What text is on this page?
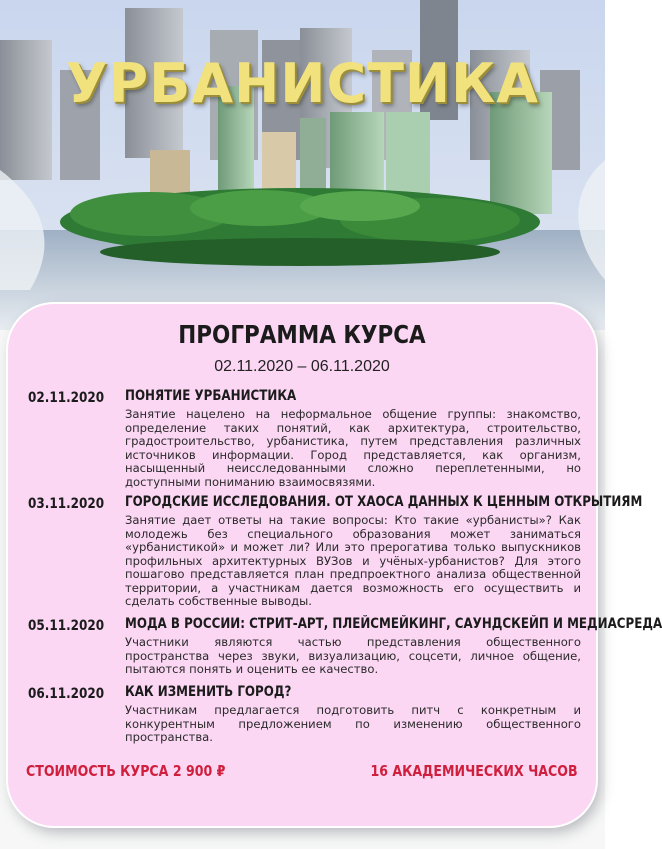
УРБАНИСТИКА
ПРОГРАММА КУРСА
02.11.2020 – 06.11.2020
02.11.2020 ПОНЯТИЕ УРБАНИСТИКА

Занятие нацелено на неформальное общение группы: знакомство, определение таких понятий, как архитектура, строительство, градостроительство, урбанистика, путем представления различных источников информации. Город представляется, как организм, насыщенный неисследованными сложно переплетенными, но доступными пониманию взаимосвязями.

03.11.2020 ГОРОДСКИЕ ИССЛЕДОВАНИЯ. ОТ ХАОСА ДАННЫХ К ЦЕННЫМ ОТКРЫТИЯМ

Занятие дает ответы на такие вопросы: Кто такие «урбанисты»? Как молодежь без специального образования может заниматься «урбанистикой» и может ли? Или это прерогатива только выпускников профильных архитектурных ВУЗов и учёных-урбанистов? Для этого пошагово представляется план предпроектного анализа общественной территории, а участникам дается возможность его осуществить и сделать собственные выводы.

05.11.2020 МОДА В РОССИИ: СТРИТ-АРТ, ПЛЕЙСМЕЙКИНГ, САУНДСКЕЙП И МЕДИАСРЕДА

Участники являются частью представления общественного пространства через звуки, визуализацию, соцсети, личное общение, пытаются понять и оценить ее качество.

06.11.2020 КАК ИЗМЕНИТЬ ГОРОД?

Участникам предлагается подготовить питч с конкретным и конкурентным предложением по изменению общественного пространства.

СТОИМОСТЬ КУРСА 2 900 ₽	16 АКАДЕМИЧЕСКИХ ЧАСОВ
